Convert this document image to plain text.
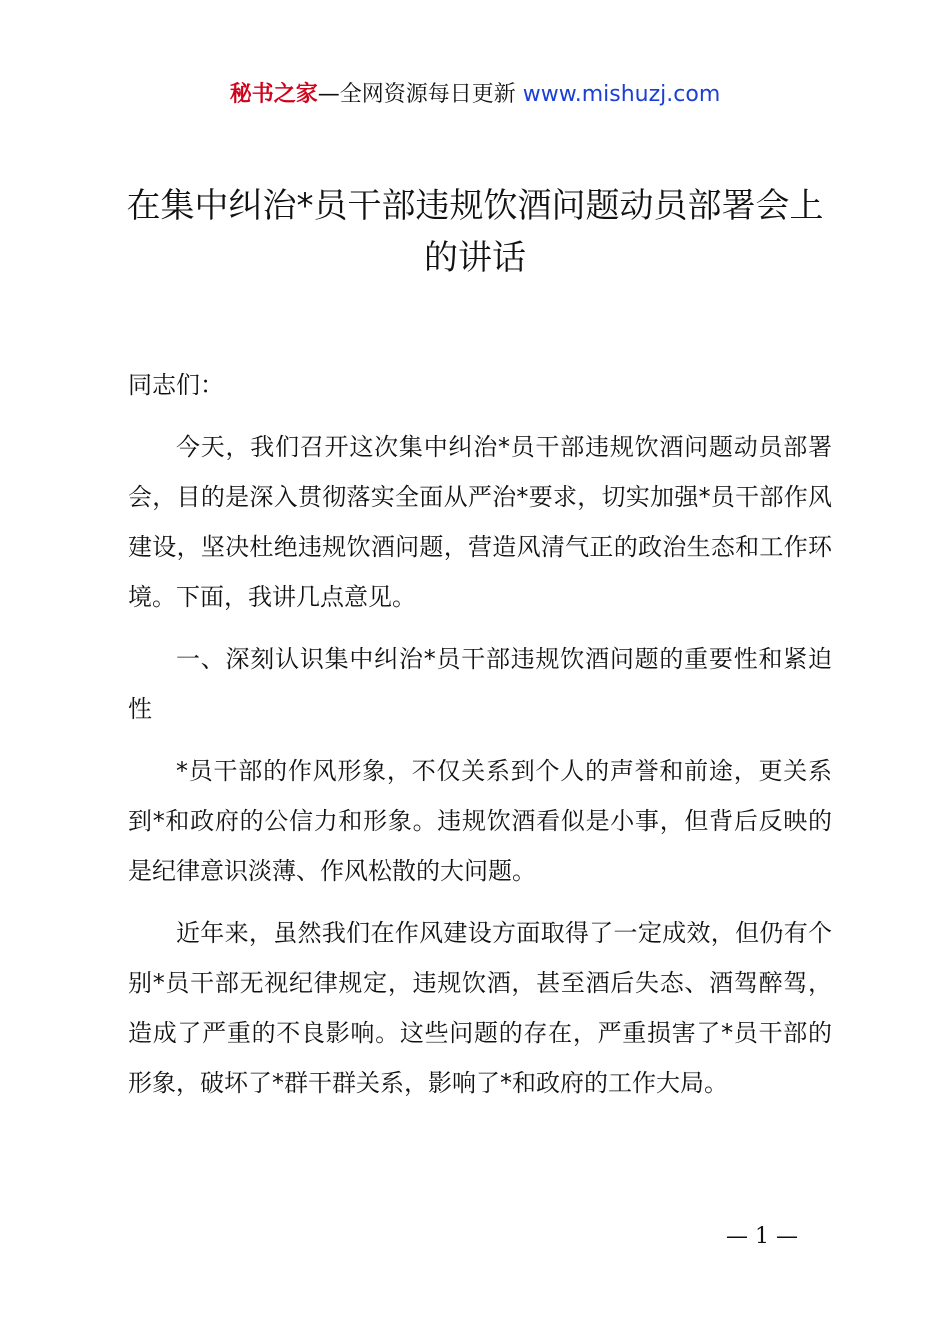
秘书之家—全网资源每日更新 www.mishuzj.com
在集中纠治*员干部违规饮酒问题动员部署会上的讲话

同志们：

今天，我们召开这次集中纠治*员干部违规饮酒问题动员部署会，目的是深入贯彻落实全面从严治*要求，切实加强*员干部作风建设，坚决杜绝违规饮酒问题，营造风清气正的政治生态和工作环境。下面，我讲几点意见。

一、深刻认识集中纠治*员干部违规饮酒问题的重要性和紧迫性

*员干部的作风形象，不仅关系到个人的声誉和前途，更关系到*和政府的公信力和形象。违规饮酒看似是小事，但背后反映的是纪律意识淡薄、作风松散的大问题。

近年来，虽然我们在作风建设方面取得了一定成效，但仍有个别*员干部无视纪律规定，违规饮酒，甚至酒后失态、酒驾醉驾，造成了严重的不良影响。这些问题的存在，严重损害了*员干部的形象，破坏了*群干群关系，影响了*和政府的工作大局。

— 1 —
